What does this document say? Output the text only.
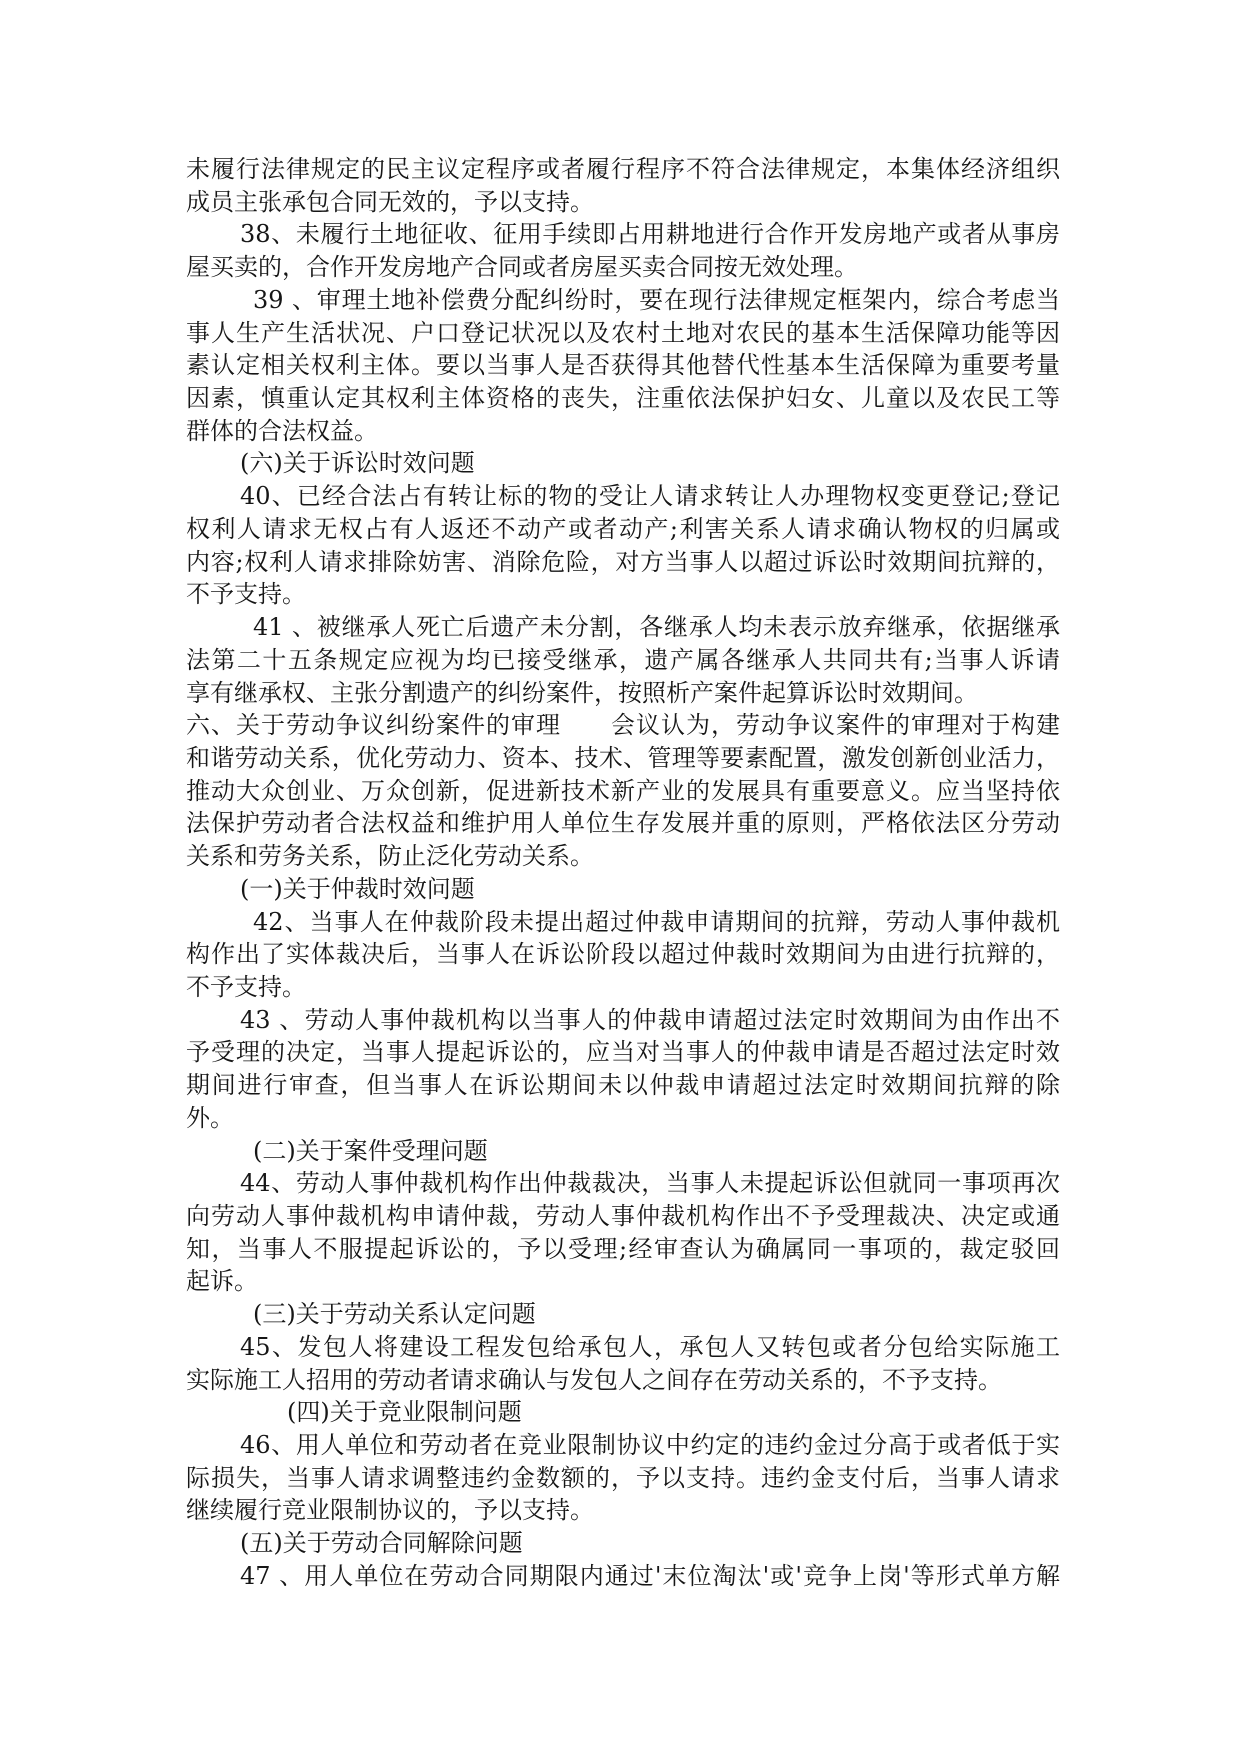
未履行法律规定的民主议定程序或者履行程序不符合法律规定，本集体经济组织
成员主张承包合同无效的，予以支持。
38、未履行土地征收、征用手续即占用耕地进行合作开发房地产或者从事房
屋买卖的，合作开发房地产合同或者房屋买卖合同按无效处理。
39 、审理土地补偿费分配纠纷时，要在现行法律规定框架内，综合考虑当
事人生产生活状况、户口登记状况以及农村土地对农民的基本生活保障功能等因
素认定相关权利主体。要以当事人是否获得其他替代性基本生活保障为重要考量
因素，慎重认定其权利主体资格的丧失，注重依法保护妇女、儿童以及农民工等
群体的合法权益。
(六)关于诉讼时效问题
40、已经合法占有转让标的物的受让人请求转让人办理物权变更登记;登记
权利人请求无权占有人返还不动产或者动产;利害关系人请求确认物权的归属或
内容;权利人请求排除妨害、消除危险，对方当事人以超过诉讼时效期间抗辩的，
不予支持。
41 、被继承人死亡后遗产未分割，各继承人均未表示放弃继承，依据继承
法第二十五条规定应视为均已接受继承，遗产属各继承人共同共有;当事人诉请
享有继承权、主张分割遗产的纠纷案件，按照析产案件起算诉讼时效期间。
六、关于劳动争议纠纷案件的审理　　会议认为，劳动争议案件的审理对于构建
和谐劳动关系，优化劳动力、资本、技术、管理等要素配置，激发创新创业活力，
推动大众创业、万众创新，促进新技术新产业的发展具有重要意义。应当坚持依
法保护劳动者合法权益和维护用人单位生存发展并重的原则，严格依法区分劳动
关系和劳务关系，防止泛化劳动关系。
(一)关于仲裁时效问题
42、当事人在仲裁阶段未提出超过仲裁申请期间的抗辩，劳动人事仲裁机
构作出了实体裁决后，当事人在诉讼阶段以超过仲裁时效期间为由进行抗辩的，
不予支持。
43 、劳动人事仲裁机构以当事人的仲裁申请超过法定时效期间为由作出不
予受理的决定，当事人提起诉讼的，应当对当事人的仲裁申请是否超过法定时效
期间进行审查，但当事人在诉讼期间未以仲裁申请超过法定时效期间抗辩的除
外。
(二)关于案件受理问题
44、劳动人事仲裁机构作出仲裁裁决，当事人未提起诉讼但就同一事项再次
向劳动人事仲裁机构申请仲裁，劳动人事仲裁机构作出不予受理裁决、决定或通
知，当事人不服提起诉讼的，予以受理;经审查认为确属同一事项的，裁定驳回
起诉。
(三)关于劳动关系认定问题
45、发包人将建设工程发包给承包人，承包人又转包或者分包给实际施工
实际施工人招用的劳动者请求确认与发包人之间存在劳动关系的，不予支持。
(四)关于竞业限制问题
46、用人单位和劳动者在竞业限制协议中约定的违约金过分高于或者低于实
际损失，当事人请求调整违约金数额的，予以支持。违约金支付后，当事人请求
继续履行竞业限制协议的，予以支持。
(五)关于劳动合同解除问题
47 、用人单位在劳动合同期限内通过'末位淘汰'或'竞争上岗'等形式单方解
